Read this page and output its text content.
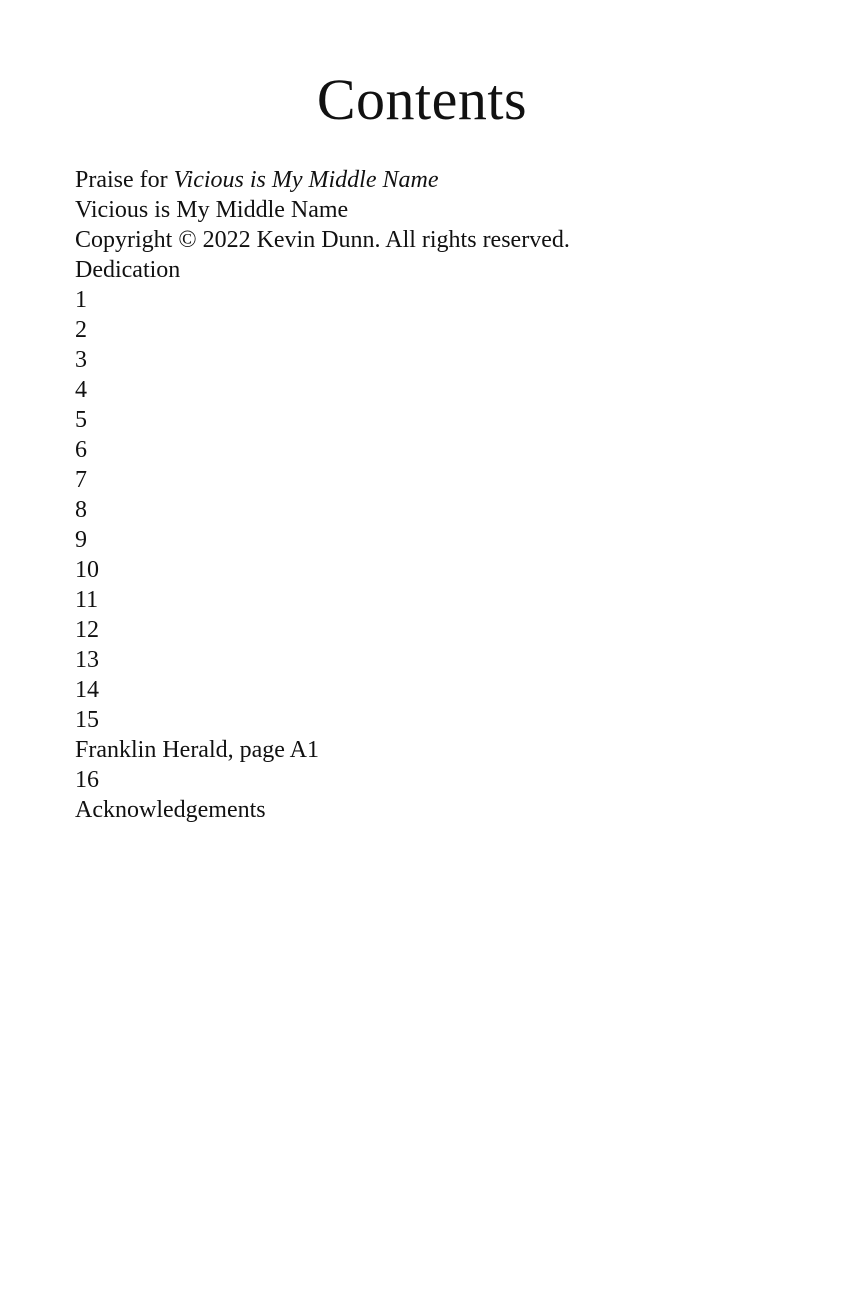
Contents
Praise for Vicious is My Middle Name
Vicious is My Middle Name
Copyright © 2022 Kevin Dunn. All rights reserved.
Dedication
1
2
3
4
5
6
7
8
9
10
11
12
13
14
15
Franklin Herald, page A1
16
Acknowledgements
